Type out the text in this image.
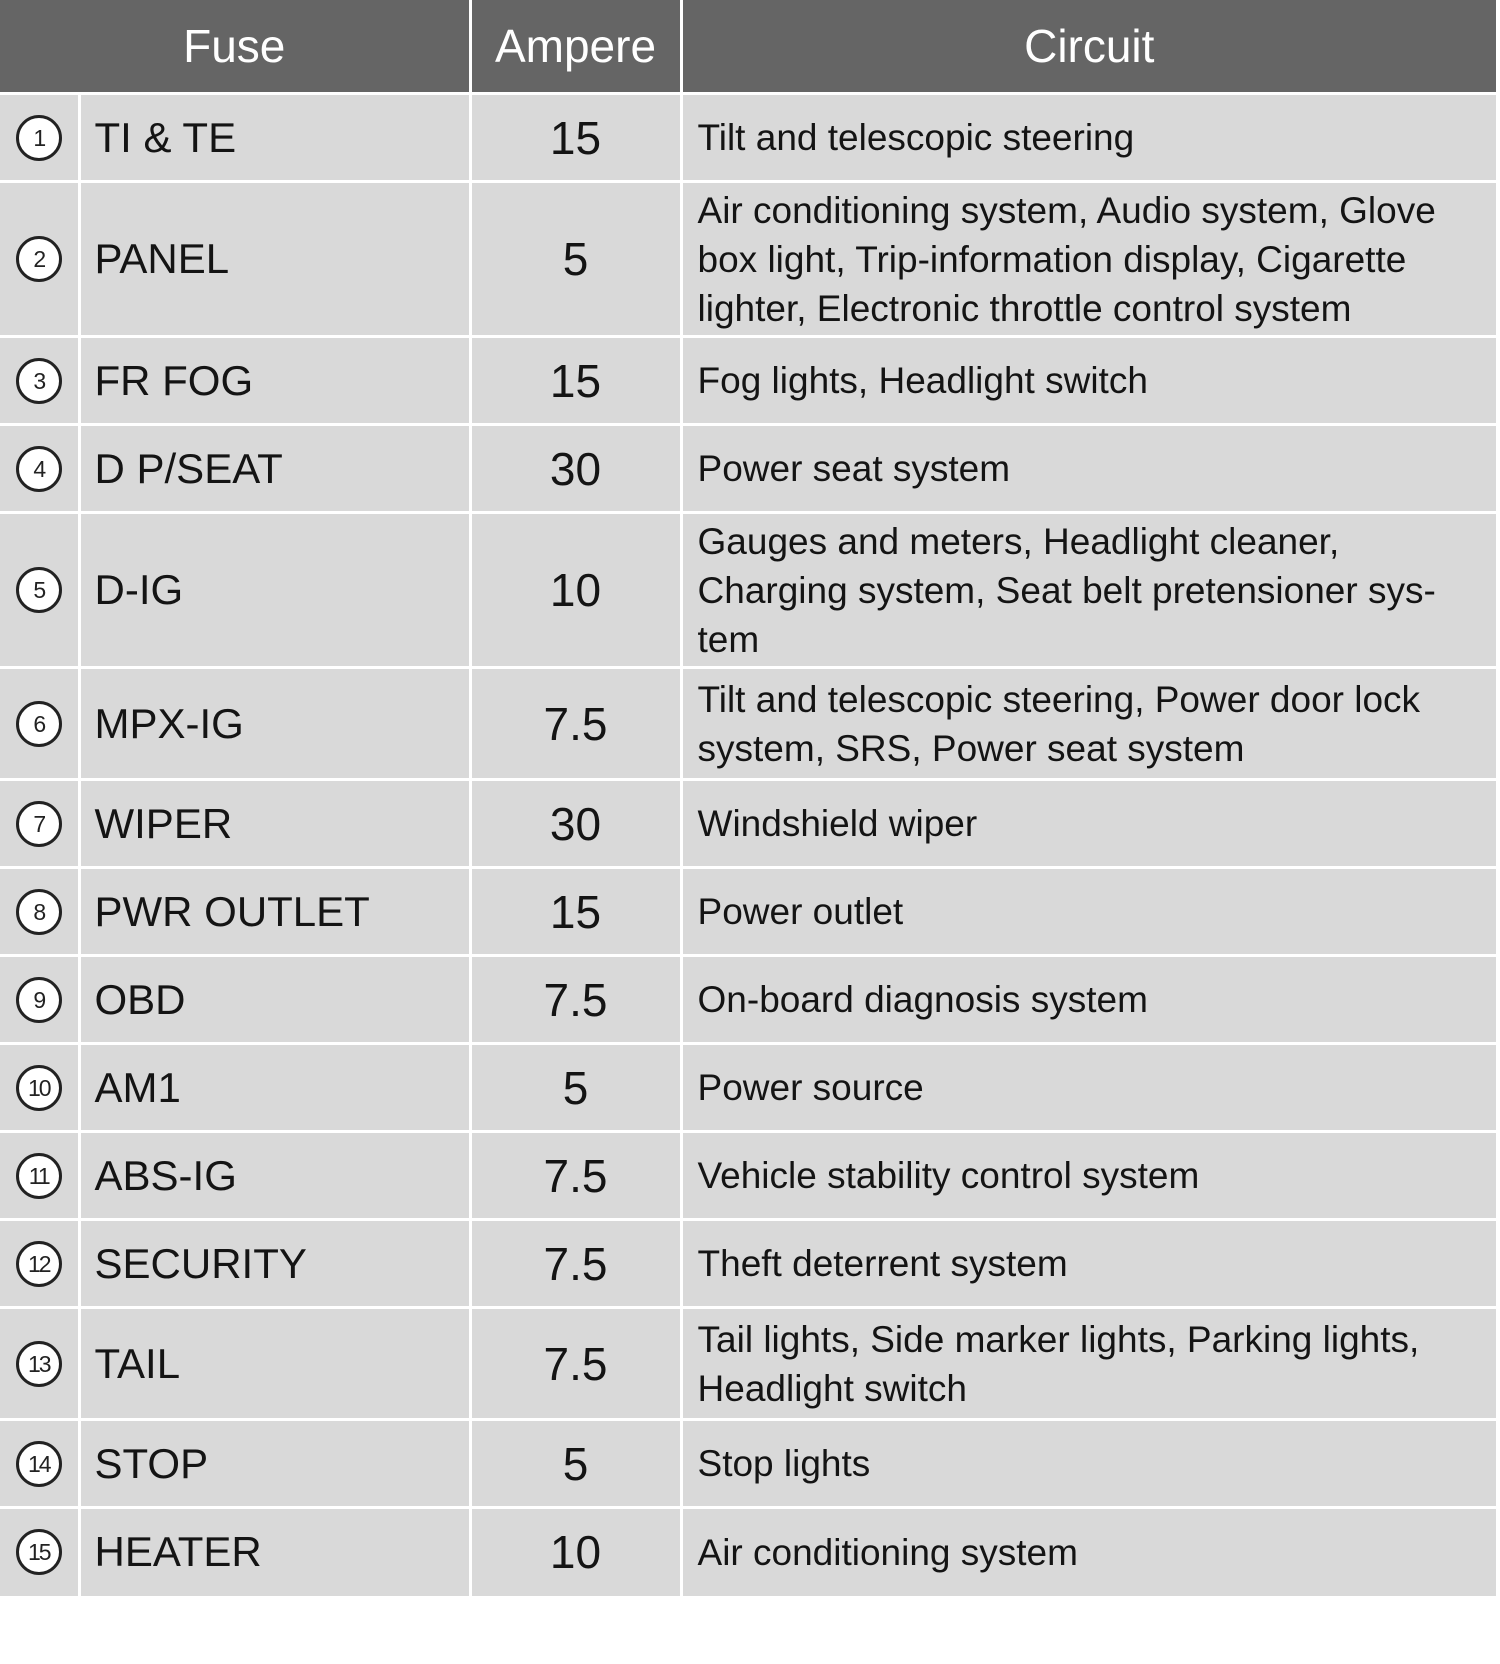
Fuse		Ampere	Circuit
1	TI & TE	15	Tilt and telescopic steering
2	PANEL	5	Air conditioning system, Audio system, Glove box light, Trip-information display, Cigarette lighter, Electronic throttle control system
3	FR FOG	15	Fog lights, Headlight switch
4	D P/SEAT	30	Power seat system
5	D-IG	10	Gauges and meters, Headlight cleaner, Charging system, Seat belt pretensioner sys-tem
6	MPX-IG	7.5	Tilt and telescopic steering, Power door lock system, SRS, Power seat system
7	WIPER	30	Windshield wiper
8	PWR OUTLET	15	Power outlet
9	OBD	7.5	On-board diagnosis system
10	AM1	5	Power source
11	ABS-IG	7.5	Vehicle stability control system
12	SECURITY	7.5	Theft deterrent system
13	TAIL	7.5	Tail lights, Side marker lights, Parking lights, Headlight switch
14	STOP	5	Stop lights
15	HEATER	10	Air conditioning system
